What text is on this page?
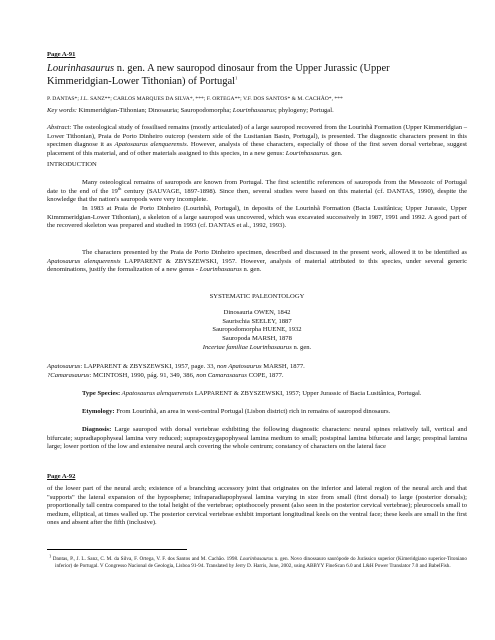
Page A-91
Lourinhasaurus n. gen. A new sauropod dinosaur from the Upper Jurassic (Upper
Kimmeridgian-Lower Tithonian) of Portugal$^1$
P. DANTAS*; J.L. SANZ**; CARLOS MARQUES DA SILVA*, ***; F. ORTEGA**; V.F. DOS SANTOS* & M. CACHÃO*, ***
Key words: Kimmeridgian-Tithonian; Dinosauria; Sauropodomorpha; Lourinhasaurus; phylogeny; Portugal.
Abstract: The osteological study of fossilised remains (mostly articulated) of a large sauropod recovered from the Lourinhã Formation (Upper Kimmeridgian – Lower Tithonian), Praia de Porto Dinheiro outcrop (western side of the Lusitanian Basin, Portugal), is presented. The diagnostic characters present in this specimen diagnose it as Apatosaurus alenquerensis. However, analysis of these characters, especially of those of the first seven dorsal vertebrae, suggest placement of this material, and of other materials assigned to this species, in a new genus: Lourinhasaurus. gen.
INTRODUCTION
Many osteological remains of sauropods are known from Portugal. The first scientific references of sauropods from the Mesozoic of Portugal date to the end of the 19th century (SAUVAGE, 1897-1898). Since then, several studies were based on this material (cf. DANTAS, 1990), despite the knowledge that the nation's sauropods were very incomplete.
In 1983 at Praia de Porto Dinheiro (Lourinhã, Portugal), in deposits of the Lourinhã Formation (Bacia Lusitânica; Upper Jurassic, Upper Kimmmeridgian-Lower Tithonian), a skeleton of a large sauropod was uncovered, which was excavated successively in 1987, 1991 and 1992. A good part of the recovered skeleton was prepared and studied in 1993 (cf. DANTAS et al., 1992, 1993).
The characters presented by the Praia de Porto Dinheiro specimen, described and discussed in the present work, allowed it to be identified as Apatosaurus alenquerensis LAPPARENT & ZBYSZEWSKI, 1957. However, analysis of material attributed to this species, under several generic denominations, justify the formalization of a new genus - Lourinhasaurus n. gen.
SYSTEMATIC PALEONTOLOGY
Dinosauria OWEN, 1842
Saurischia SEELEY, 1887
Sauropodomorpha HUENE, 1932
Sauropoda MARSH, 1878
Incertae familiae Lourinhasaurus n. gen.
Apatosaurus: LAPPARENT & ZBYSZEWSKI, 1957, page. 33, non Apatosaurus MARSH, 1877.
?Camarasaurus: MCINTOSH, 1990, pág. 91, 349, 386, non Camarasaurus COPE, 1877.
Type Species: Apatosaurus alenquerensis LAPPARENT & ZBYSZEWSKI, 1957; Upper Jurassic of Bacia Lusitânica, Portugal.
Etymology: From Lourinhã, an area in west-central Portugal (Lisbon district) rich in remains of sauropod dinosaurs.
Diagnosis: Large sauropod with dorsal vertebrae exhibiting the following diagnostic characters: neural spines relatively tall, vertical and bifurcate; supradiapophyseal lamina very reduced; suprapostzygapophyseal lamina medium to small; postspinal lamina bifurcate and large; prespinal lamina large; lower portion of the low and extensive neural arch covering the whole centrum; constancy of characters on the lateral face
Page A-92
of the lower part of the neural arch; existence of a branching accessory joint that originates on the inferior and lateral region of the neural arch and that "supports" the lateral expansion of the hyposphene; infraparadiapophyseal lamina varying in size from small (first dorsal) to large (posterior dorsals); proportionally tall centra compared to the total height of the vertebrae; opisthocoely present (also seen in the posterior cervical vertebrae); pleurocoels small to medium, elliptical, at times walled up. The posterior cervical vertebrae exhibit important longitudinal keels on the ventral face; these keels are small in the first ones and absent after the fifth (inclusive).
$^1$ Dantas, P., J. L. Sanz, C. M. da Silva, F. Ortega, V. F. dos Santos and M. Cachão. 1998. Lourinhasaurus n. gen. Novo dinossauro saurópode do Jurássico superior (Kimeridgiano superior-Titoniano inferior) de Portugal. V Congresso Nacional de Geologia, Lisboa 91-94. Translated by Jerry D. Harris, June, 2002, using ABBYY FineScan 6.0 and L&H Power Translator 7.0 and BabelFish.
